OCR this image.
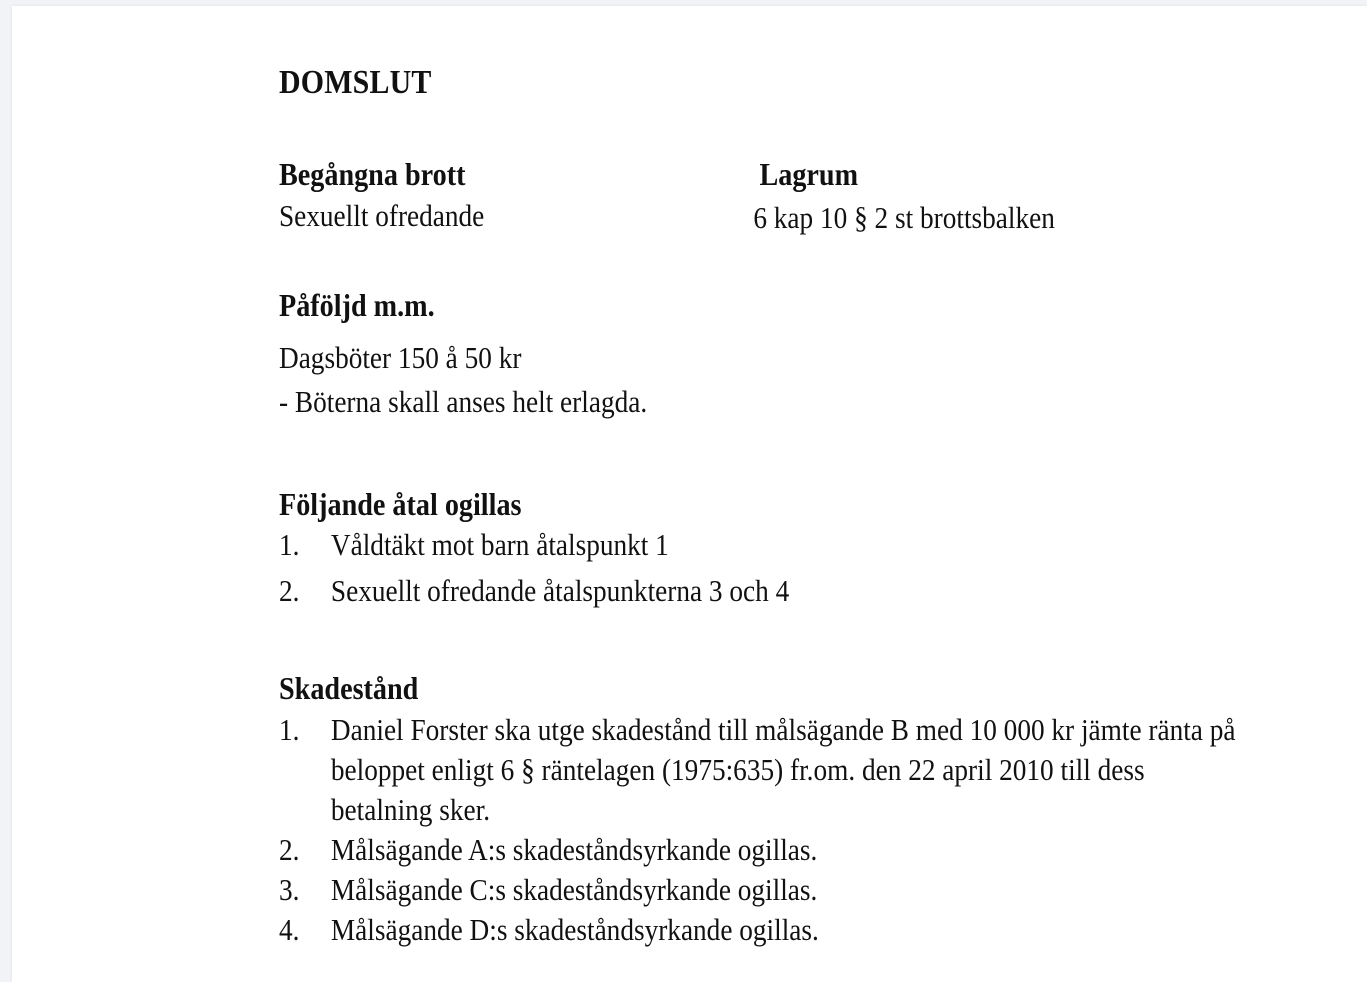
DOMSLUT
Begångna brott	Lagrum

Sexuellt ofredande	6 kap 10 § 2 st brottsbalken

Påföljd m.m.

Dagsböter 150 å 50 kr

- Böterna skall anses helt erlagda.

Följande åtal ogillas
1. Våldtäkt mot barn åtalspunkt 1
2. Sexuellt ofredande åtalspunkterna 3 och 4
Skadestånd
1. Daniel Forster ska utge skadestånd till målsägande B med 10 000 kr jämte ränta på beloppet enligt 6 § räntelagen (1975:635) fr.om. den 22 april 2010 till dess betalning sker.
2. Målsägande A:s skadeståndsyrkande ogillas.
3. Målsägande C:s skadeståndsyrkande ogillas.
4. Målsägande D:s skadeståndsyrkande ogillas.
